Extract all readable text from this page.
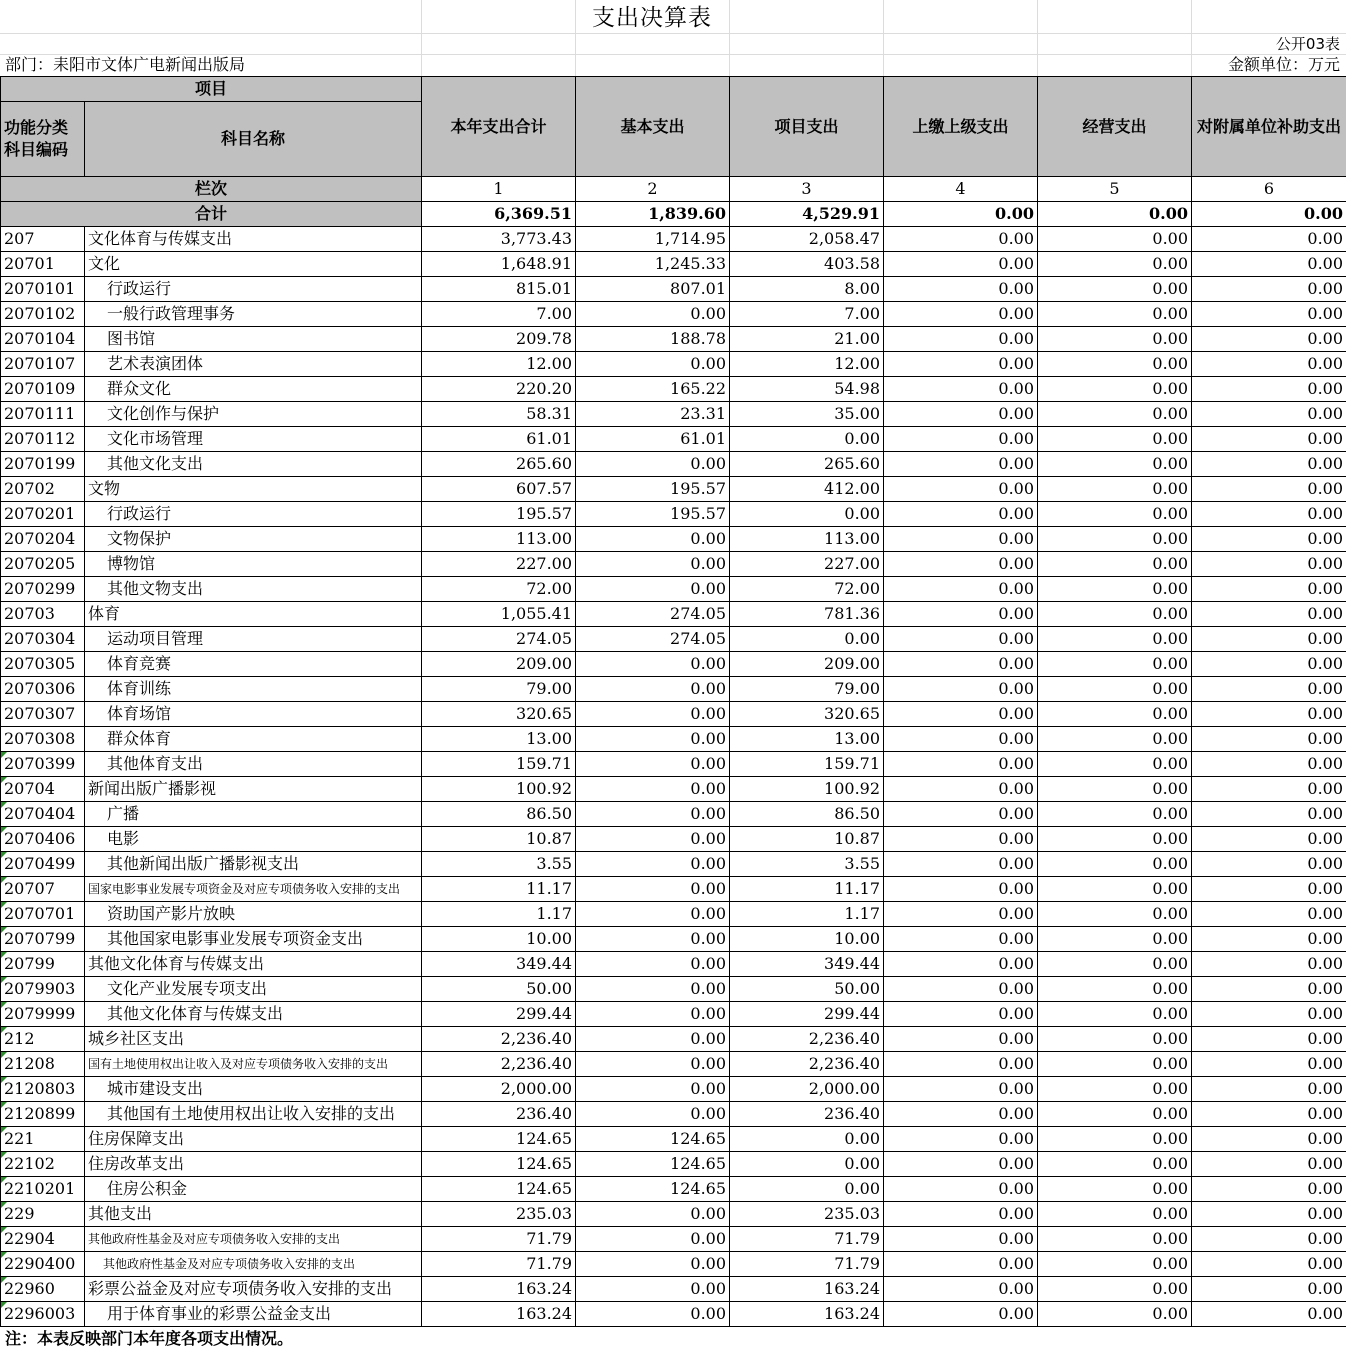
支出决算表
公开03表
部门：耒阳市文体广电新闻出版局	金额单位：万元
项目		本年支出合计	基本支出	项目支出	上缴上级支出	经营支出	对附属单位补助支出
功能分类科目编码	科目名称						

栏次		1	2	3	4	5	6
合计		6,369.51	1,839.60	4,529.91	0.00	0.00	0.00
207	文化体育与传媒支出	3,773.43	1,714.95	2,058.47	0.00	0.00	0.00
20701	文化	1,648.91	1,245.33	403.58	0.00	0.00	0.00
2070101	行政运行	815.01	807.01	8.00	0.00	0.00	0.00
2070102	一般行政管理事务	7.00	0.00	7.00	0.00	0.00	0.00
2070104	图书馆	209.78	188.78	21.00	0.00	0.00	0.00
2070107	艺术表演团体	12.00	0.00	12.00	0.00	0.00	0.00
2070109	群众文化	220.20	165.22	54.98	0.00	0.00	0.00
2070111	文化创作与保护	58.31	23.31	35.00	0.00	0.00	0.00
2070112	文化市场管理	61.01	61.01	0.00	0.00	0.00	0.00
2070199	其他文化支出	265.60	0.00	265.60	0.00	0.00	0.00
20702	文物	607.57	195.57	412.00	0.00	0.00	0.00
2070201	行政运行	195.57	195.57	0.00	0.00	0.00	0.00
2070204	文物保护	113.00	0.00	113.00	0.00	0.00	0.00
2070205	博物馆	227.00	0.00	227.00	0.00	0.00	0.00
2070299	其他文物支出	72.00	0.00	72.00	0.00	0.00	0.00
20703	体育	1,055.41	274.05	781.36	0.00	0.00	0.00
2070304	运动项目管理	274.05	274.05	0.00	0.00	0.00	0.00
2070305	体育竞赛	209.00	0.00	209.00	0.00	0.00	0.00
2070306	体育训练	79.00	0.00	79.00	0.00	0.00	0.00
2070307	体育场馆	320.65	0.00	320.65	0.00	0.00	0.00
2070308	群众体育	13.00	0.00	13.00	0.00	0.00	0.00

2070399	其他体育支出	159.71	0.00	159.71	0.00	0.00	0.00

20704	新闻出版广播影视	100.92	0.00	100.92	0.00	0.00	0.00

2070404	广播	86.50	0.00	86.50	0.00	0.00	0.00

2070406	电影	10.87	0.00	10.87	0.00	0.00	0.00

2070499	其他新闻出版广播影视支出	3.55	0.00	3.55	0.00	0.00	0.00

20707	国家电影事业发展专项资金及对应专项债务收入安排的支出	11.17	0.00	11.17	0.00	0.00	0.00

2070701	资助国产影片放映	1.17	0.00	1.17	0.00	0.00	0.00

2070799	其他国家电影事业发展专项资金支出	10.00	0.00	10.00	0.00	0.00	0.00

20799	其他文化体育与传媒支出	349.44	0.00	349.44	0.00	0.00	0.00

2079903	文化产业发展专项支出	50.00	0.00	50.00	0.00	0.00	0.00

2079999	其他文化体育与传媒支出	299.44	0.00	299.44	0.00	0.00	0.00

212	城乡社区支出	2,236.40	0.00	2,236.40	0.00	0.00	0.00

21208	国有土地使用权出让收入及对应专项债务收入安排的支出	2,236.40	0.00	2,236.40	0.00	0.00	0.00

2120803	城市建设支出	2,000.00	0.00	2,000.00	0.00	0.00	0.00

2120899	其他国有土地使用权出让收入安排的支出	236.40	0.00	236.40	0.00	0.00	0.00

221	住房保障支出	124.65	124.65	0.00	0.00	0.00	0.00

22102	住房改革支出	124.65	124.65	0.00	0.00	0.00	0.00

2210201	住房公积金	124.65	124.65	0.00	0.00	0.00	0.00

229	其他支出	235.03	0.00	235.03	0.00	0.00	0.00

22904	其他政府性基金及对应专项债务收入安排的支出	71.79	0.00	71.79	0.00	0.00	0.00

2290400	其他政府性基金及对应专项债务收入安排的支出	71.79	0.00	71.79	0.00	0.00	0.00

22960	彩票公益金及对应专项债务收入安排的支出	163.24	0.00	163.24	0.00	0.00	0.00

2296003	用于体育事业的彩票公益金支出	163.24	0.00	163.24	0.00	0.00	0.00
注：本表反映部门本年度各项支出情况。
